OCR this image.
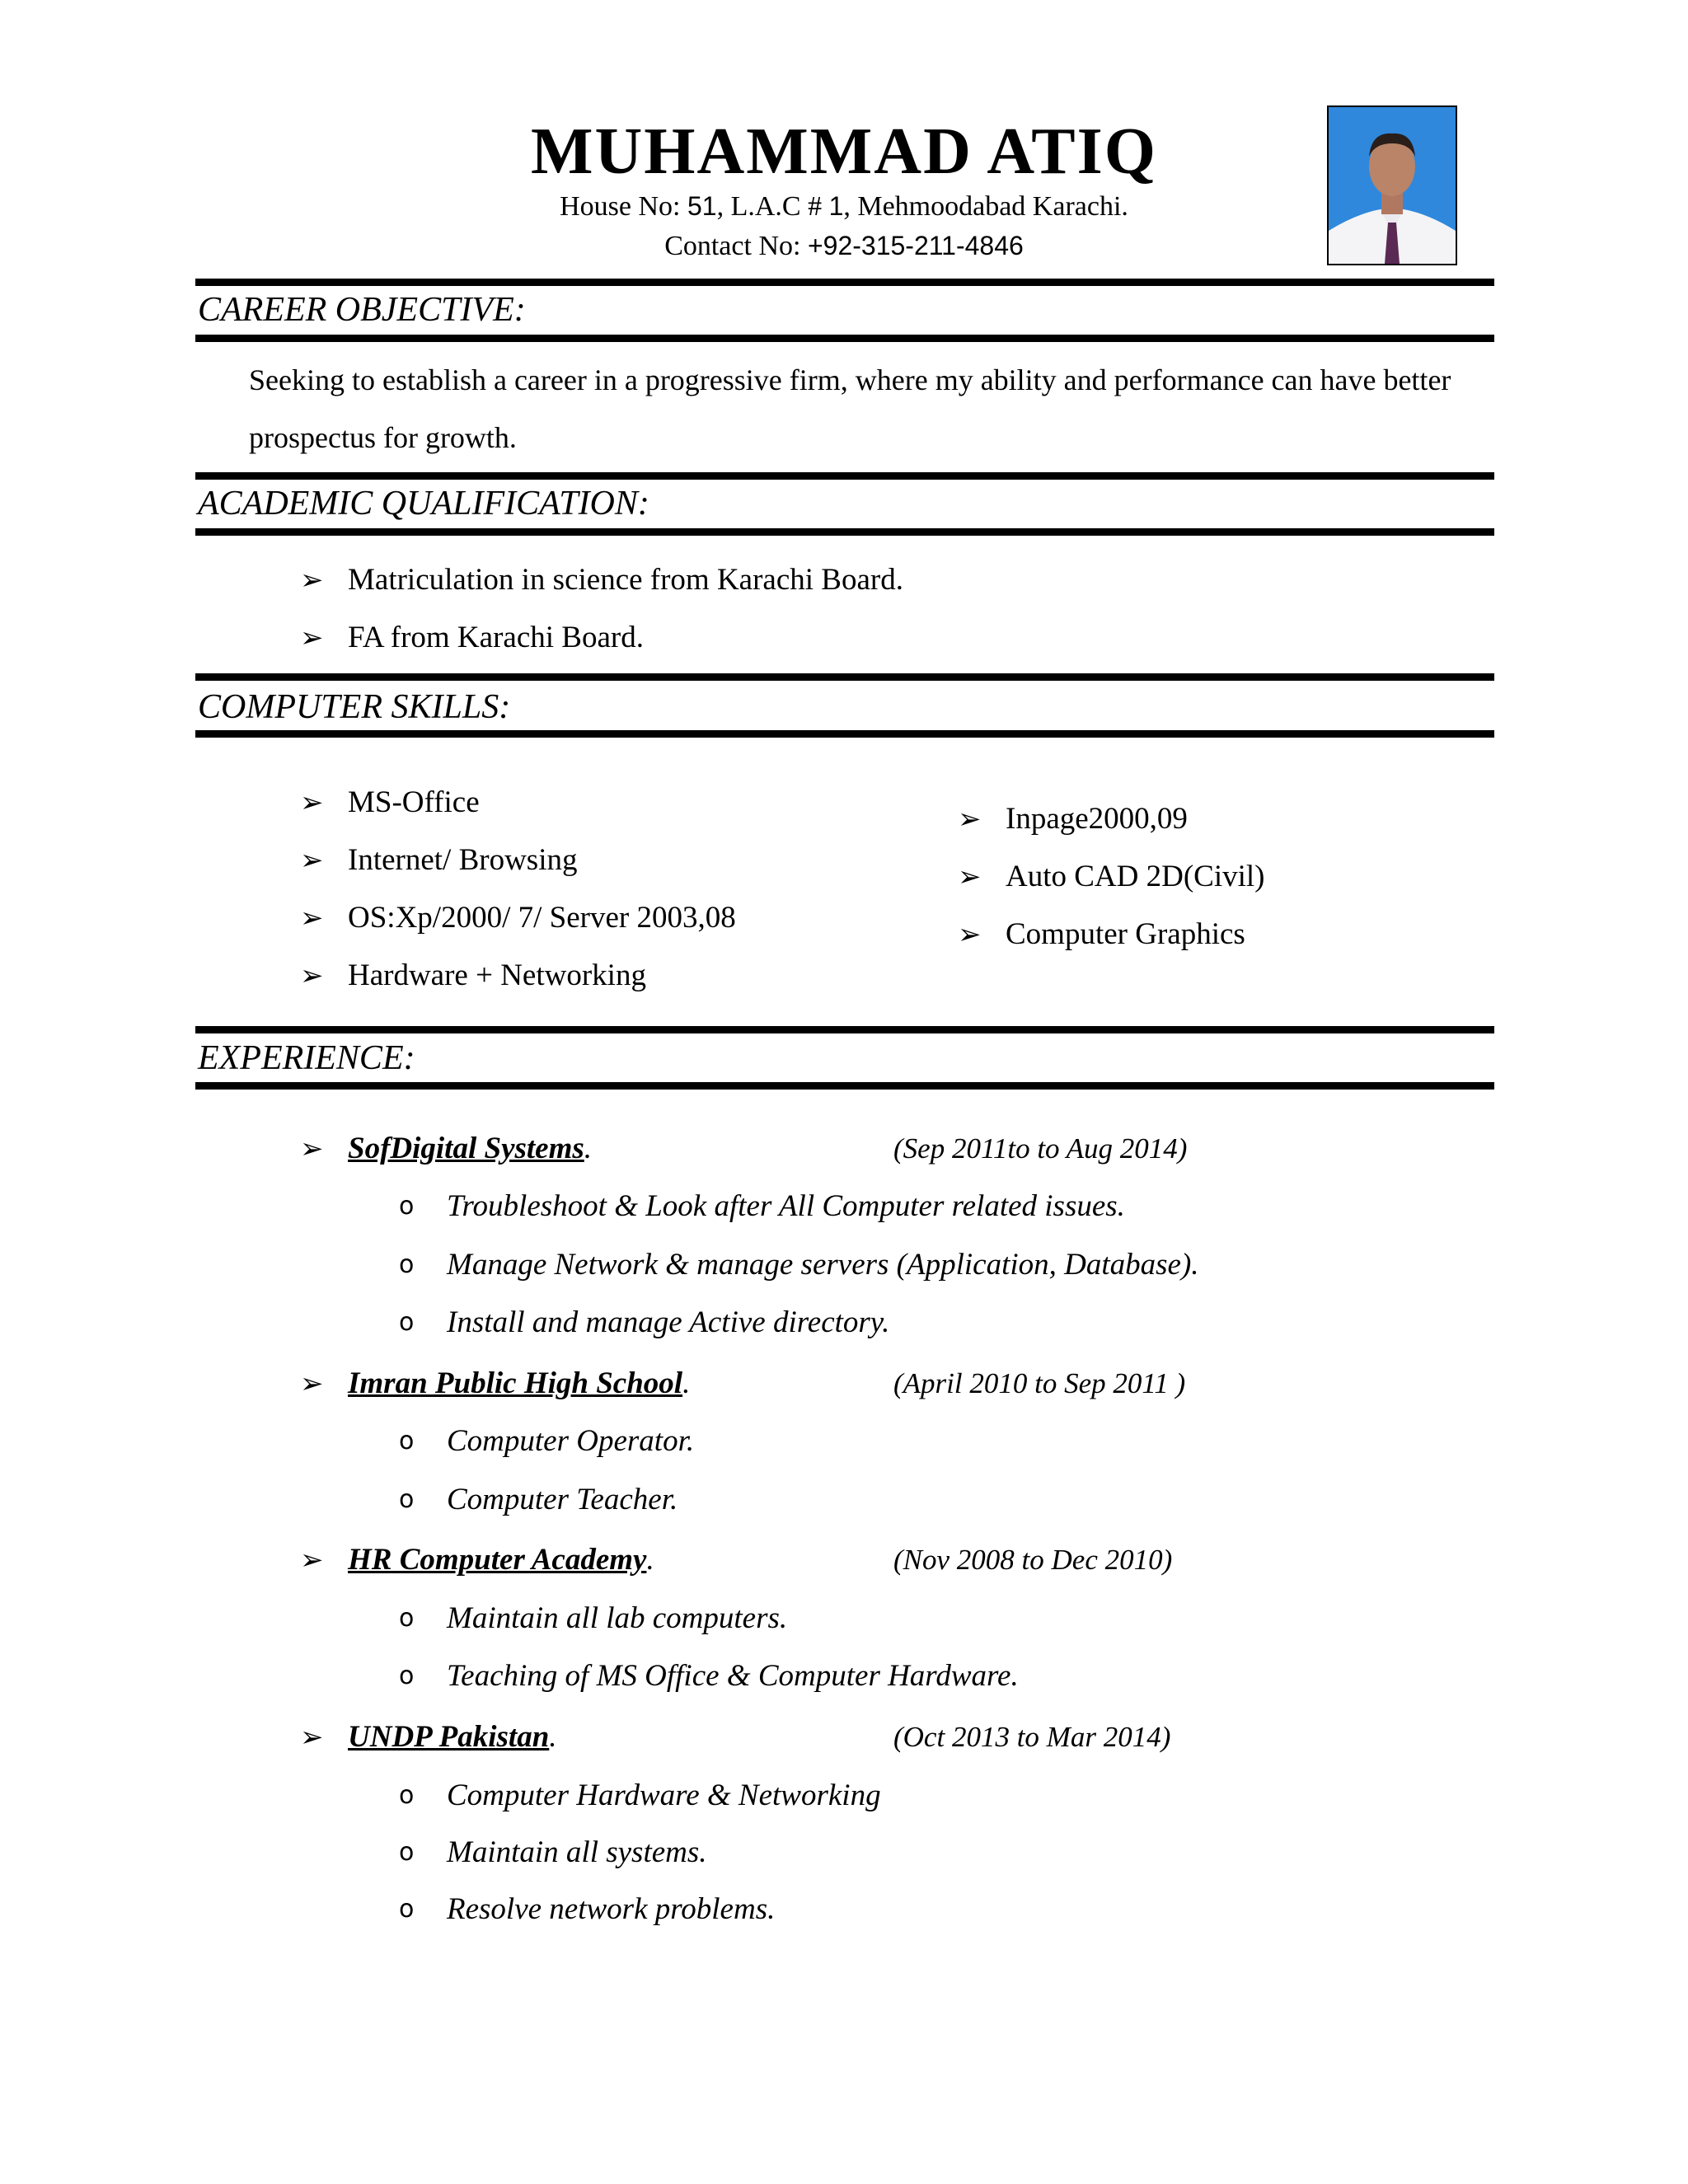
MUHAMMAD ATIQ
House No: 51, L.A.C # 1, Mehmoodabad Karachi.
Contact No: +92-315-211-4846
CAREER OBJECTIVE:
Seeking to establish a career in a progressive firm, where my ability and performance can have better prospectus for growth.
ACADEMIC QUALIFICATION:
➢ Matriculation in science from Karachi Board.
➢ FA from Karachi Board.
COMPUTER SKILLS:
➢ MS-Office
➢ Internet/ Browsing
➢ OS:Xp/2000/ 7/ Server 2003,08
➢ Hardware + Networking
➢ Inpage2000,09
➢ Auto CAD 2D(Civil)
➢ Computer Graphics
EXPERIENCE:
➢ SofDigital Systems.	(Sep 2011to to Aug 2014)
o Troubleshoot & Look after All Computer related issues.
o Manage Network & manage servers (Application, Database).
o Install and manage Active directory.
➢ Imran Public High School.	(April 2010 to Sep 2011 )
o Computer Operator.
o Computer Teacher.
➢ HR Computer Academy.	(Nov 2008 to Dec 2010)
o Maintain all lab computers.
o Teaching of MS Office & Computer Hardware.
➢ UNDP Pakistan.	(Oct 2013 to Mar 2014)
o Computer Hardware & Networking
o Maintain all systems.
o Resolve network problems.
